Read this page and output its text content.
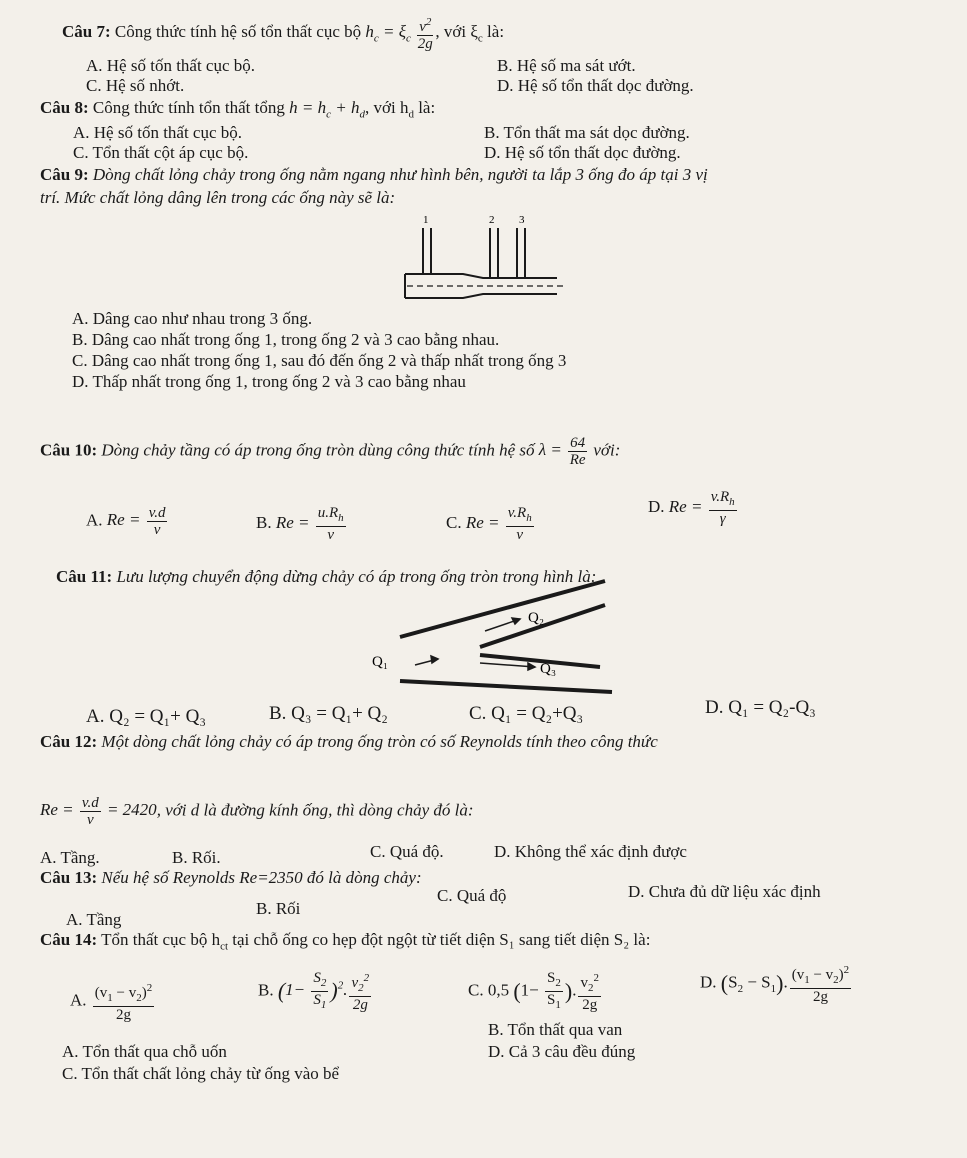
Câu 7: Công thức tính hệ số tổn thất cục bộ $h_c = \xi_c \frac{v^2}{2g}$ , với $\xi_c$ là:
A. Hệ số tốn thất cục bộ.	B. Hệ số ma sát ướt.
C. Hệ số nhớt.	D. Hệ số tổn thất dọc đường.
Câu 8: Công thức tính tổn thất tổng $h = h_c + h_d$, với $h_d$ là:
A. Hệ số tốn thất cục bộ.	B. Tổn thất ma sát dọc đường.
C. Tổn thất cột áp cục bộ.	D. Hệ số tổn thất dọc đường.
Câu 9: Dòng chất lỏng chảy trong ống nằm ngang như hình bên, người ta lắp 3 ống đo áp tại 3 vị
trí. Mức chất lỏng dâng lên trong các ống này sẽ là:
1	2 3
A. Dâng cao như nhau trong 3 ống.
B. Dâng cao nhất trong ống 1, trong ống 2 và 3 cao bằng nhau.
C. Dâng cao nhất trong ống 1, sau đó đến ống 2 và thấp nhất trong ống 3
D. Thấp nhất trong ống 1, trong ống 2 và 3 cao bằng nhau
Câu 10: Dòng chảy tầng có áp trong ống tròn dùng công thức tính hệ số $\lambda = \frac{64}{Re}$ với:
A. $Re = \frac{v.d}{\nu}$	B. $Re = \frac{u.R_h}{\nu}$	C. $Re = \frac{v.R_h}{\nu}$	D. $Re = \frac{v.R_h}{\gamma}$
Câu 11: Lưu lượng chuyển động dừng chảy có áp trong ống tròn trong hình là:
Q₁
Q₂
Q₃
A. Q₂ = Q₁+ Q₃	B. Q₃ = Q₁+ Q₂	C. Q₁ = Q₂+Q₃	D. Q₁ = Q₂-Q₃
Câu 12: Một dòng chất lỏng chảy có áp trong ống tròn có số Reynolds tính theo công thức
$Re = \frac{v.d}{\nu} = 2420$, với d là đường kính ống, thì dòng chảy đó là:
A. Tầng.	B. Rối.	C. Quá độ.	D. Không thể xác định được
Câu 13: Nếu hệ số Reynolds Re=2350 đó là dòng chảy:
A. Tầng
B. Rối
C. Quá độ	D. Chưa đủ dữ liệu xác định
Câu 14: Tổn thất cục bộ $h_{ct}$ tại chỗ ống co hẹp đột ngột từ tiết diện S₁ sang tiết diện S₂ là:
A. $\frac{(v_1 - v_2)^2}{2g}$	B. $(1- \frac{S_2}{S_1} )^2$. $\frac{v_2^2}{2g}$	C. 0,5 ($1- \frac{S_2}{S_1}$ ). $\frac{v_2^2}{2g}$	D. $(S_2 - S_1)$. $\frac{(v_1 - v_2)^2}{2g}$
B. Tổn thất qua van
A. Tổn thất qua chỗ uốn
C. Tổn thất chất lỏng chảy từ ống vào bể
D. Cả 3 câu đều đúng
